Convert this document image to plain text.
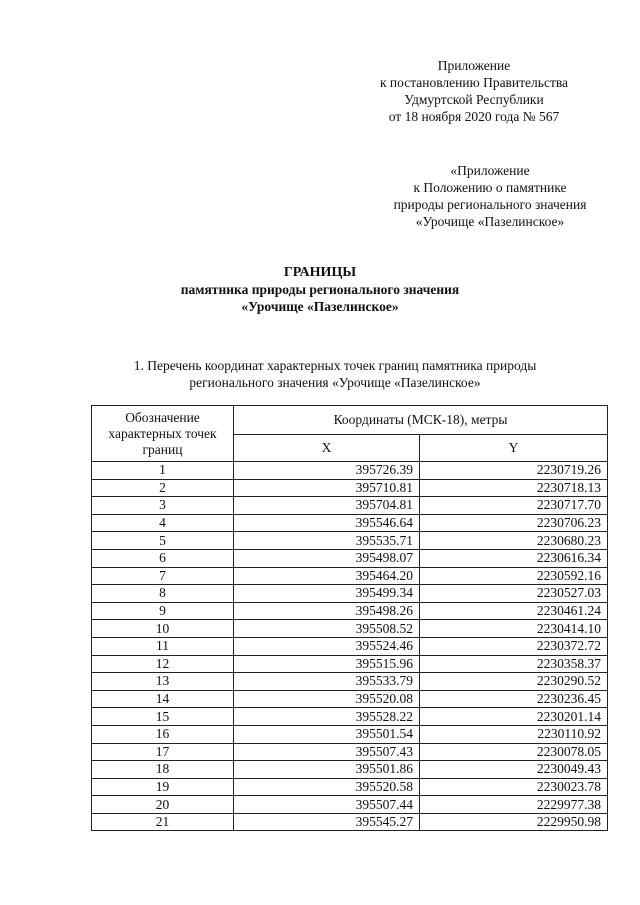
Приложение
к постановлению Правительства
Удмуртской Республики
от 18 ноября 2020 года № 567
«Приложение
к Положению о памятнике
природы регионального значения
«Урочище «Пазелинское»
ГРАНИЦЫ
памятника природы регионального значения
«Урочище «Пазелинское»
1. Перечень координат характерных точек границ памятника природы
регионального значения «Урочище «Пазелинское»
Обозначение характерных точек границ	Координаты (МСК-18), метры	
	X	Y
1	395726.39	2230719.26
2	395710.81	2230718.13
3	395704.81	2230717.70
4	395546.64	2230706.23
5	395535.71	2230680.23
6	395498.07	2230616.34
7	395464.20	2230592.16
8	395499.34	2230527.03
9	395498.26	2230461.24
10	395508.52	2230414.10
11	395524.46	2230372.72
12	395515.96	2230358.37
13	395533.79	2230290.52
14	395520.08	2230236.45
15	395528.22	2230201.14
16	395501.54	2230110.92
17	395507.43	2230078.05
18	395501.86	2230049.43
19	395520.58	2230023.78
20	395507.44	2229977.38
21	395545.27	2229950.98
